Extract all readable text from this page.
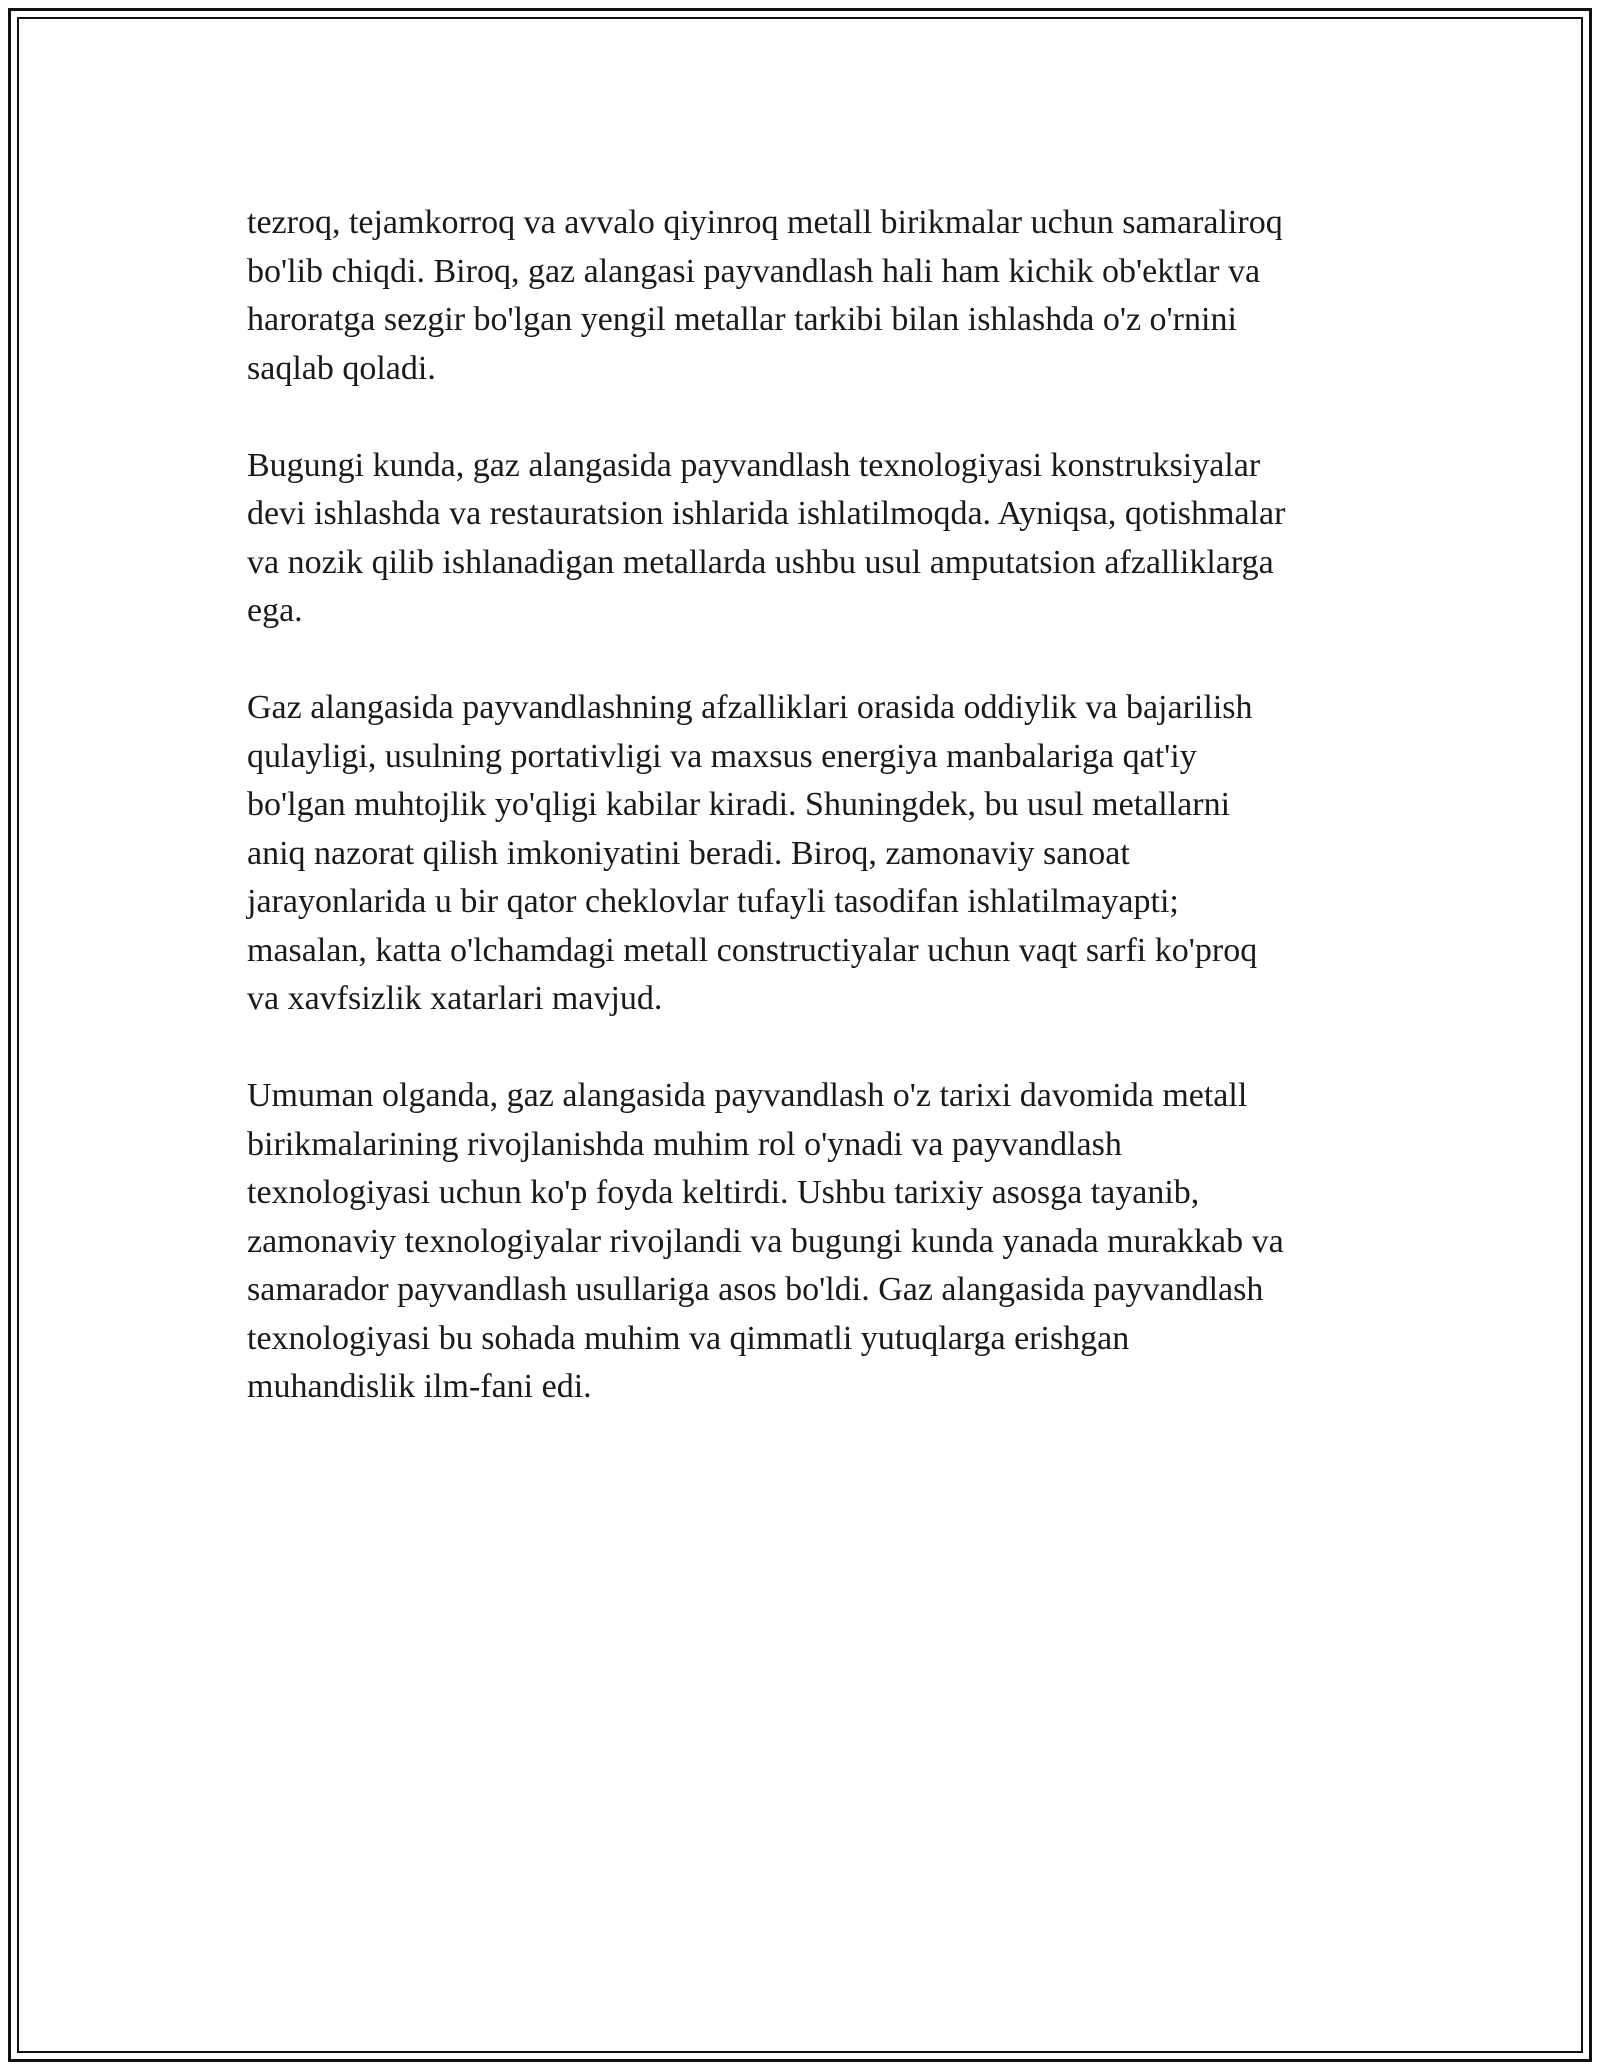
tezroq, tejamkorroq va avvalo qiyinroq metall birikmalar uchun samaraliroq
bo'lib chiqdi. Biroq, gaz alangasi payvandlash hali ham kichik ob'ektlar va
haroratga sezgir bo'lgan yengil metallar tarkibi bilan ishlashda o'z o'rnini
saqlab qoladi.

Bugungi kunda, gaz alangasida payvandlash texnologiyasi konstruksiyalar
devi ishlashda va restauratsion ishlarida ishlatilmoqda. Ayniqsa, qotishmalar
va nozik qilib ishlanadigan metallarda ushbu usul amputatsion afzalliklarga
ega.

Gaz alangasida payvandlashning afzalliklari orasida oddiylik va bajarilish
qulayligi, usulning portativligi va maxsus energiya manbalariga qat'iy
bo'lgan muhtojlik yo'qligi kabilar kiradi. Shuningdek, bu usul metallarni
aniq nazorat qilish imkoniyatini beradi. Biroq, zamonaviy sanoat
jarayonlarida u bir qator cheklovlar tufayli tasodifan ishlatilmayapti;
masalan, katta o'lchamdagi metall constructiyalar uchun vaqt sarfi ko'proq
va xavfsizlik xatarlari mavjud.

Umuman olganda, gaz alangasida payvandlash o'z tarixi davomida metall
birikmalarining rivojlanishda muhim rol o'ynadi va payvandlash
texnologiyasi uchun ko'p foyda keltirdi. Ushbu tarixiy asosga tayanib,
zamonaviy texnologiyalar rivojlandi va bugungi kunda yanada murakkab va
samarador payvandlash usullariga asos bo'ldi. Gaz alangasida payvandlash
texnologiyasi bu sohada muhim va qimmatli yutuqlarga erishgan
muhandislik ilm-fani edi.
